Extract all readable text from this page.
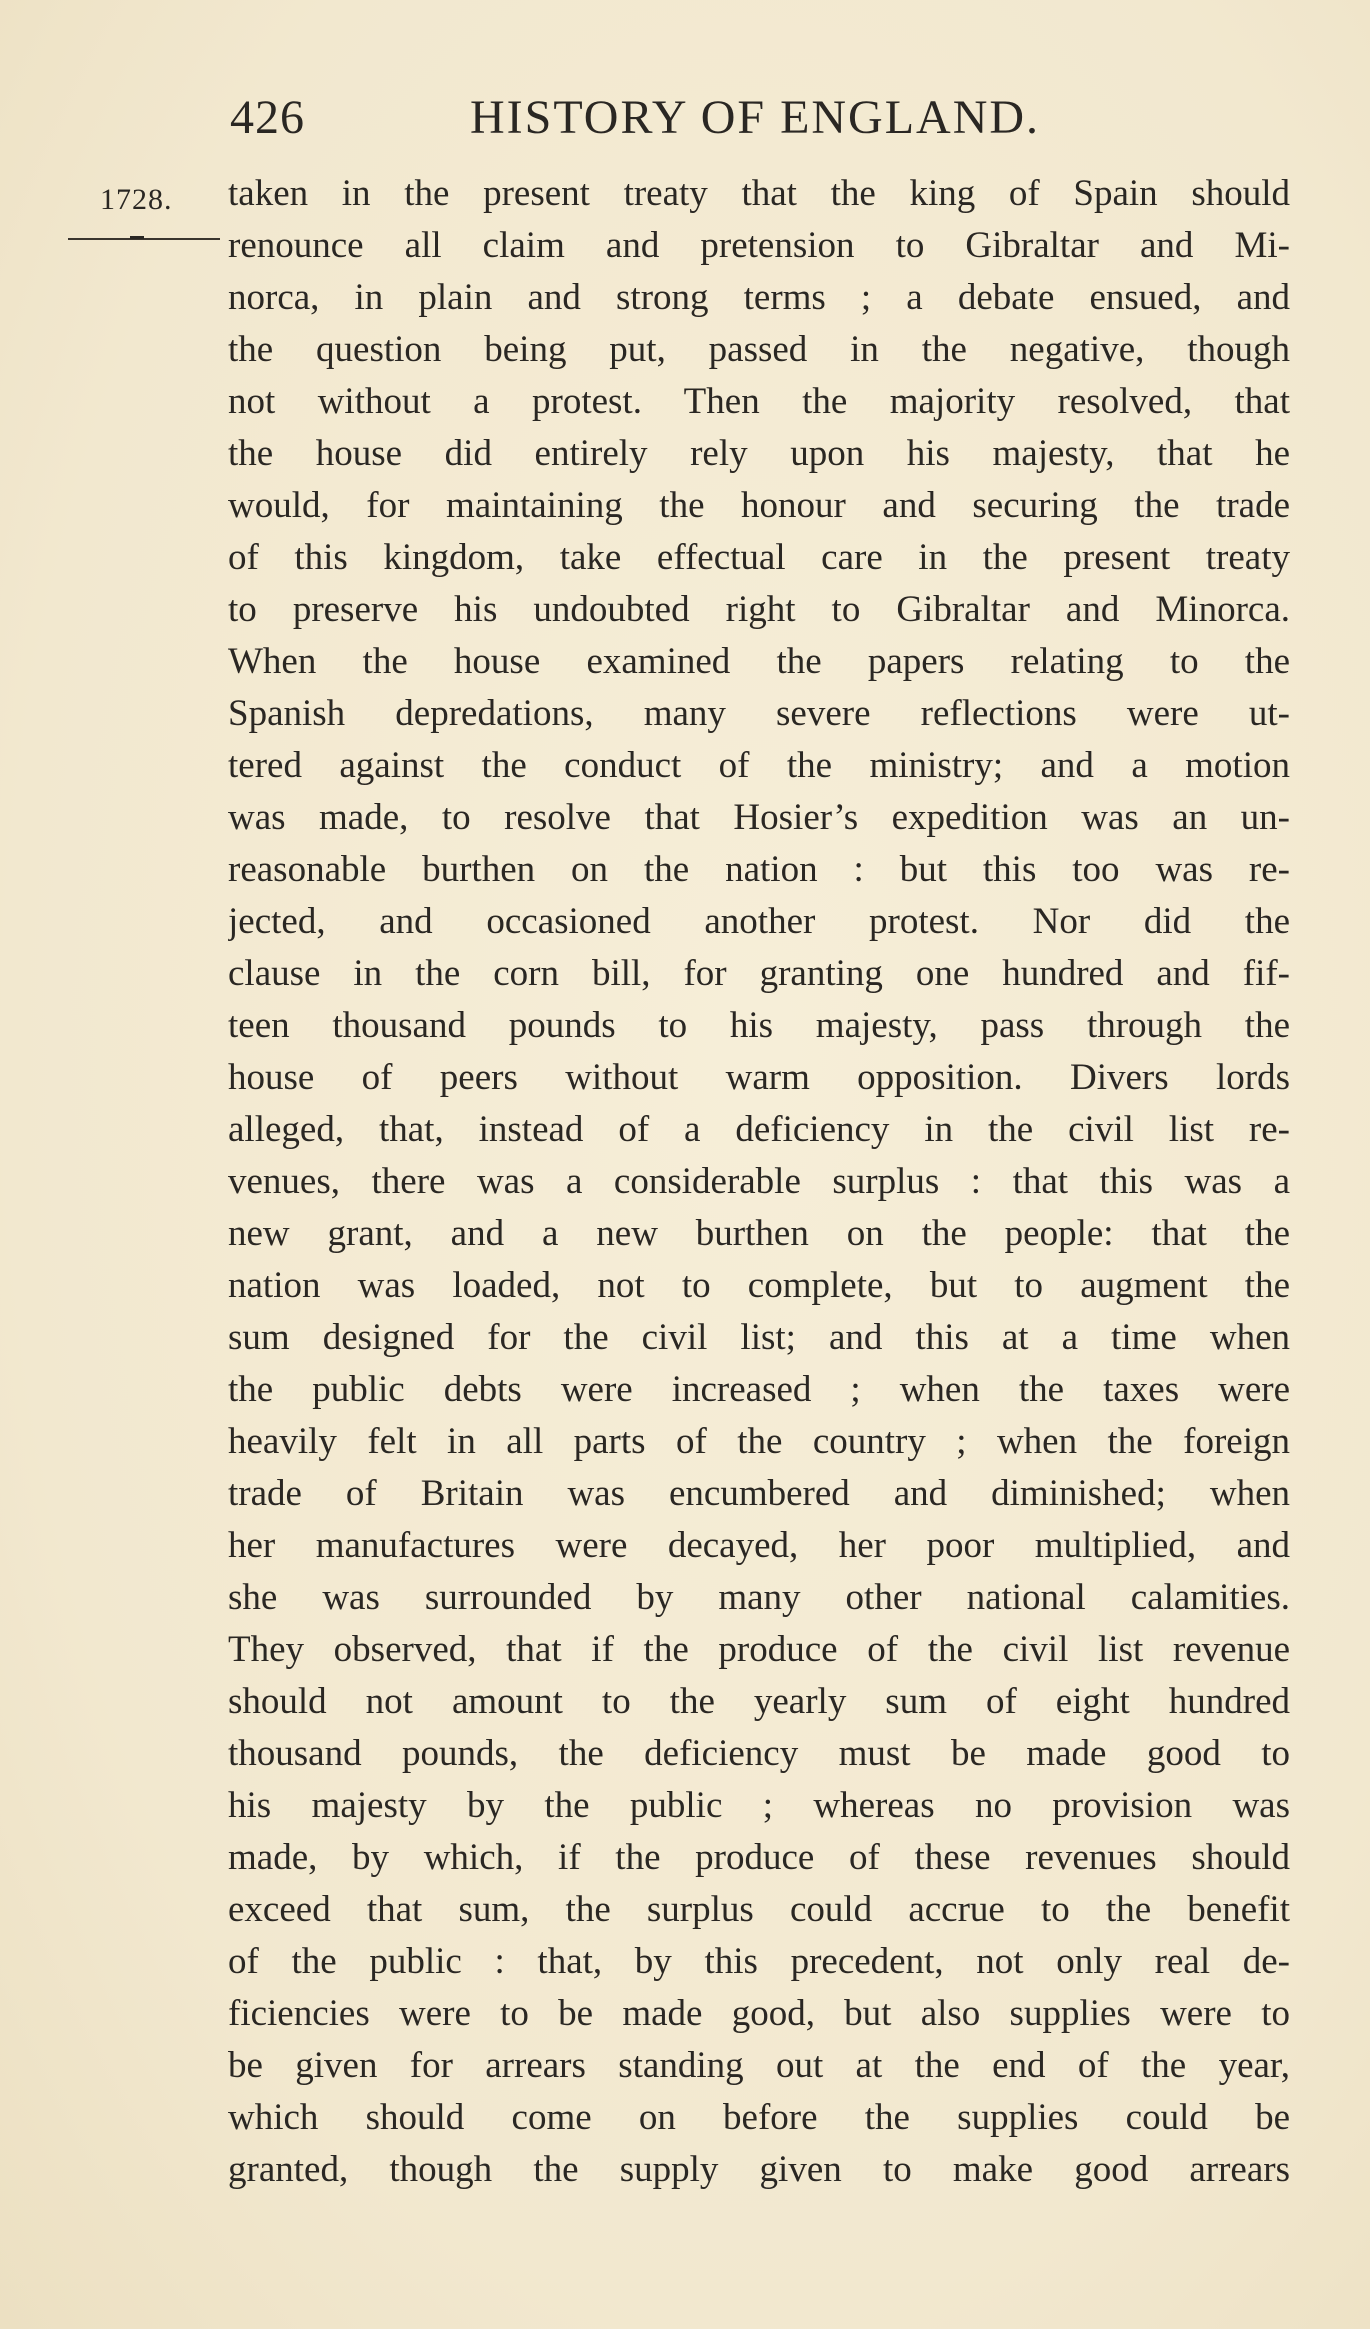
426	HISTORY OF ENGLAND.
1728. taken in the present treaty that the king of Spain should
renounce all claim and pretension to Gibraltar and Mi-
norca, in plain and strong terms ; a debate ensued, and
the question being put, passed in the negative, though
not without a protest. Then the majority resolved, that
the house did entirely rely upon his majesty, that he
would, for maintaining the honour and securing the trade
of this kingdom, take effectual care in the present treaty
to preserve his undoubted right to Gibraltar and Minorca.
When the house examined the papers relating to the
Spanish depredations, many severe reflections were ut-
tered against the conduct of the ministry; and a motion
was made, to resolve that Hosier’s expedition was an un-
reasonable burthen on the nation : but this too was re-
jected, and occasioned another protest. Nor did the
clause in the corn bill, for granting one hundred and fif-
teen thousand pounds to his majesty, pass through the
house of peers without warm opposition. Divers lords
alleged, that, instead of a deficiency in the civil list re-
venues, there was a considerable surplus : that this was a
new grant, and a new burthen on the people: that the
nation was loaded, not to complete, but to augment the
sum designed for the civil list; and this at a time when
the public debts were increased ; when the taxes were
heavily felt in all parts of the country ; when the foreign
trade of Britain was encumbered and diminished; when
her manufactures were decayed, her poor multiplied, and
she was surrounded by many other national calamities.
They observed, that if the produce of the civil list revenue
should not amount to the yearly sum of eight hundred
thousand pounds, the deficiency must be made good to
his majesty by the public ; whereas no provision was
made, by which, if the produce of these revenues should
exceed that sum, the surplus could accrue to the benefit
of the public : that, by this precedent, not only real de-
ficiencies were to be made good, but also supplies were to
be given for arrears standing out at the end of the year,
which should come on before the supplies could be
granted, though the supply given to make good arrears
